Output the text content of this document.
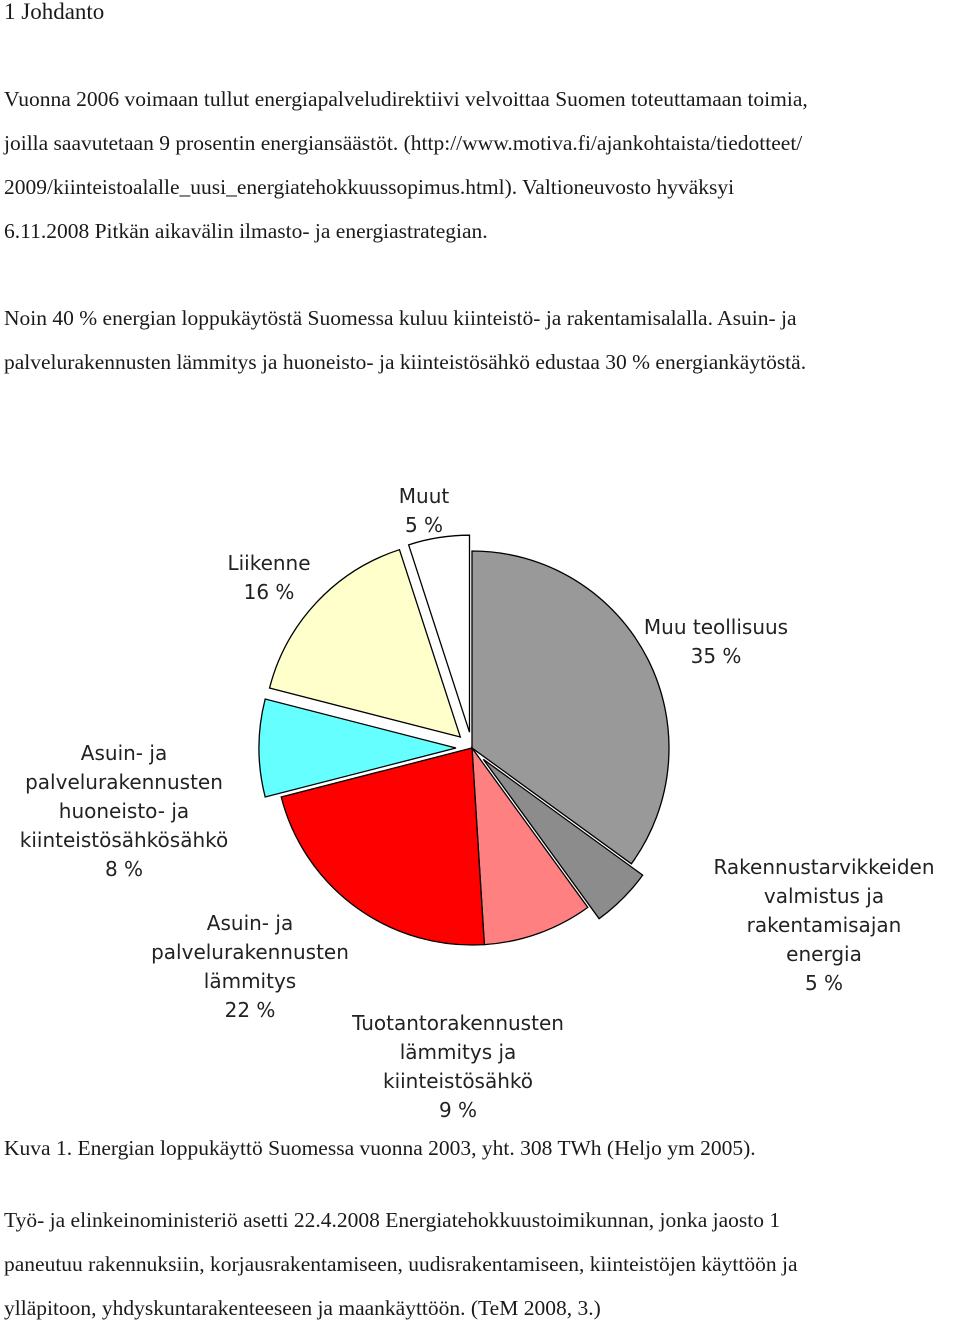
1 Johdanto
Vuonna 2006 voimaan tullut energiapalveludirektiivi velvoittaa Suomen toteuttamaan toimia,
joilla saavutetaan 9 prosentin energiansäästöt. (http://www.motiva.fi/ajankohtaista/tiedotteet/
2009/kiinteistoalalle_uusi_energiatehokkuussopimus.html). Valtioneuvosto hyväksyi
6.11.2008 Pitkän aikavälin ilmasto- ja energiastrategian.
Noin 40 % energian loppukäytöstä Suomessa kuluu kiinteistö- ja rakentamisalalla. Asuin- ja
palvelurakennusten lämmitys ja huoneisto- ja kiinteistösähkö edustaa 30 % energiankäytöstä.
Muu teollisuus 35 %
Rakennustarvikkeiden valmistus ja rakentamisajan energia 5 %
Tuotantorakennusten lämmitys ja kiinteistösähkö 9 %
Asuin- ja palvelurakennusten lämmitys 22 %
Asuin- ja palvelurakennusten huoneisto- ja kiinteistösähkösähkö 8 %
Liikenne 16 %
Muut 5 %
Kuva 1. Energian loppukäyttö Suomessa vuonna 2003, yht. 308 TWh (Heljo ym 2005).
Työ- ja elinkeinoministeriö asetti 22.4.2008 Energiatehokkuustoimikunnan, jonka jaosto 1
paneutuu rakennuksiin, korjausrakentamiseen, uudisrakentamiseen, kiinteistöjen käyttöön ja
ylläpitoon, yhdyskuntarakenteeseen ja maankäyttöön. (TeM 2008, 3.)
